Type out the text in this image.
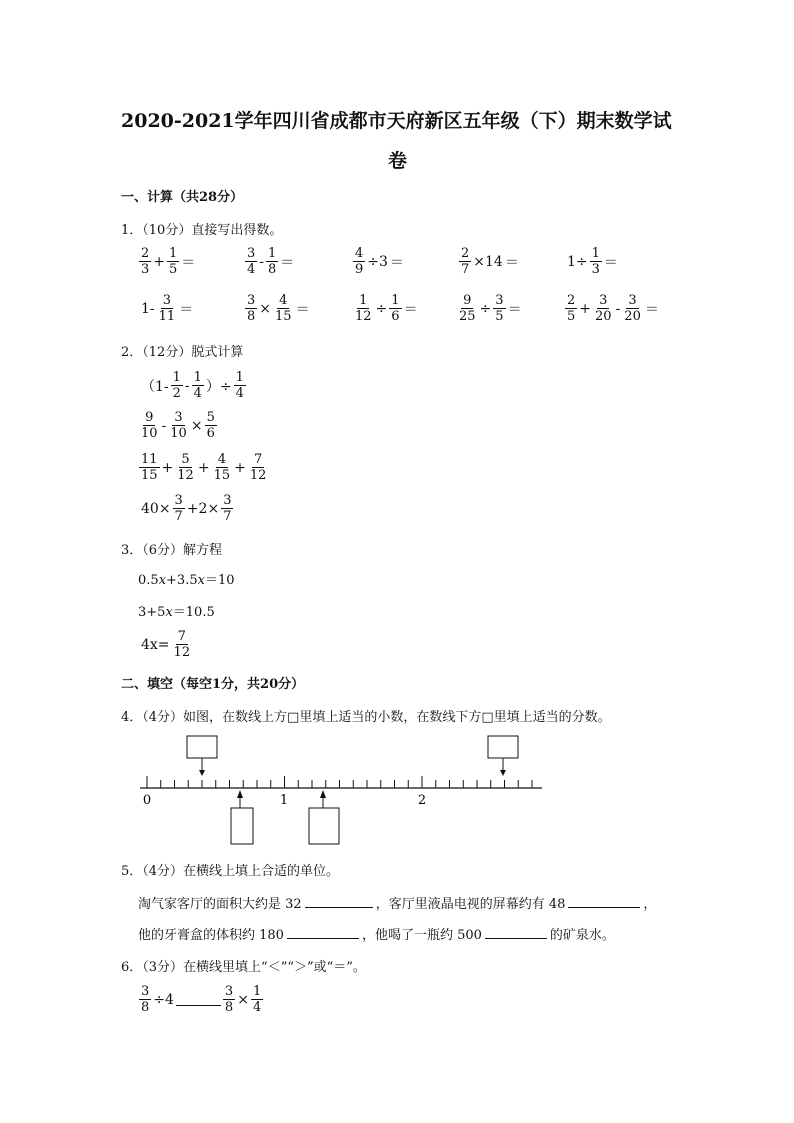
2020-2021学年四川省成都市天府新区五年级（下）期末数学试
卷
一、计算（共28分）
1．（10分）直接写出得数。
$\frac{2}{3} + \frac{1}{5}$ ＝	$\frac{3}{4} - \frac{1}{8}$ ＝	$\frac{4}{9} \div 3$ ＝	$\frac{2}{7} \times 14$ ＝	$1\div \frac{1}{3}$ ＝
$1- \frac{3}{11}$ ＝	$\frac{3}{8} \times \frac{4}{15}$ ＝	$\frac{1}{12} \div \frac{1}{6}$ ＝	$\frac{9}{25} \div \frac{3}{5}$ ＝	$\frac{2}{5} + \frac{3}{20} - \frac{3}{20}$ ＝
2．（12分）脱式计算
（$1- \frac{1}{2} - \frac{1}{4}$ ）÷ $\frac{1}{4}$
$\frac{9}{10} - \frac{3}{10} \times \frac{5}{6}$
$\frac{11}{15} + \frac{5}{12} + \frac{4}{15} + \frac{7}{12}$
$40\times \frac{3}{7} +2\times \frac{3}{7}$
3．（6分）解方程
0.5x+3.5x＝10
3+5x＝10.5
$4x= \frac{7}{12}$
二、填空（每空1分，共20分）
4．（4分）如图，在数线上方□里填上适当的小数，在数线下方□里填上适当的分数。
0	1	2
5．（4分）在横线上填上合适的单位。
淘气家客厅的面积大约是 32	，客厅里液晶电视的屏幕约有 48	，
他的牙膏盒的体积约 180	，他喝了一瓶约 500	的矿泉水。
6．（3分）在横线里填上“＜”“＞”或“＝”。
$\frac{3}{8} \div 4$	$\frac{3}{8} \times \frac{1}{4}$
